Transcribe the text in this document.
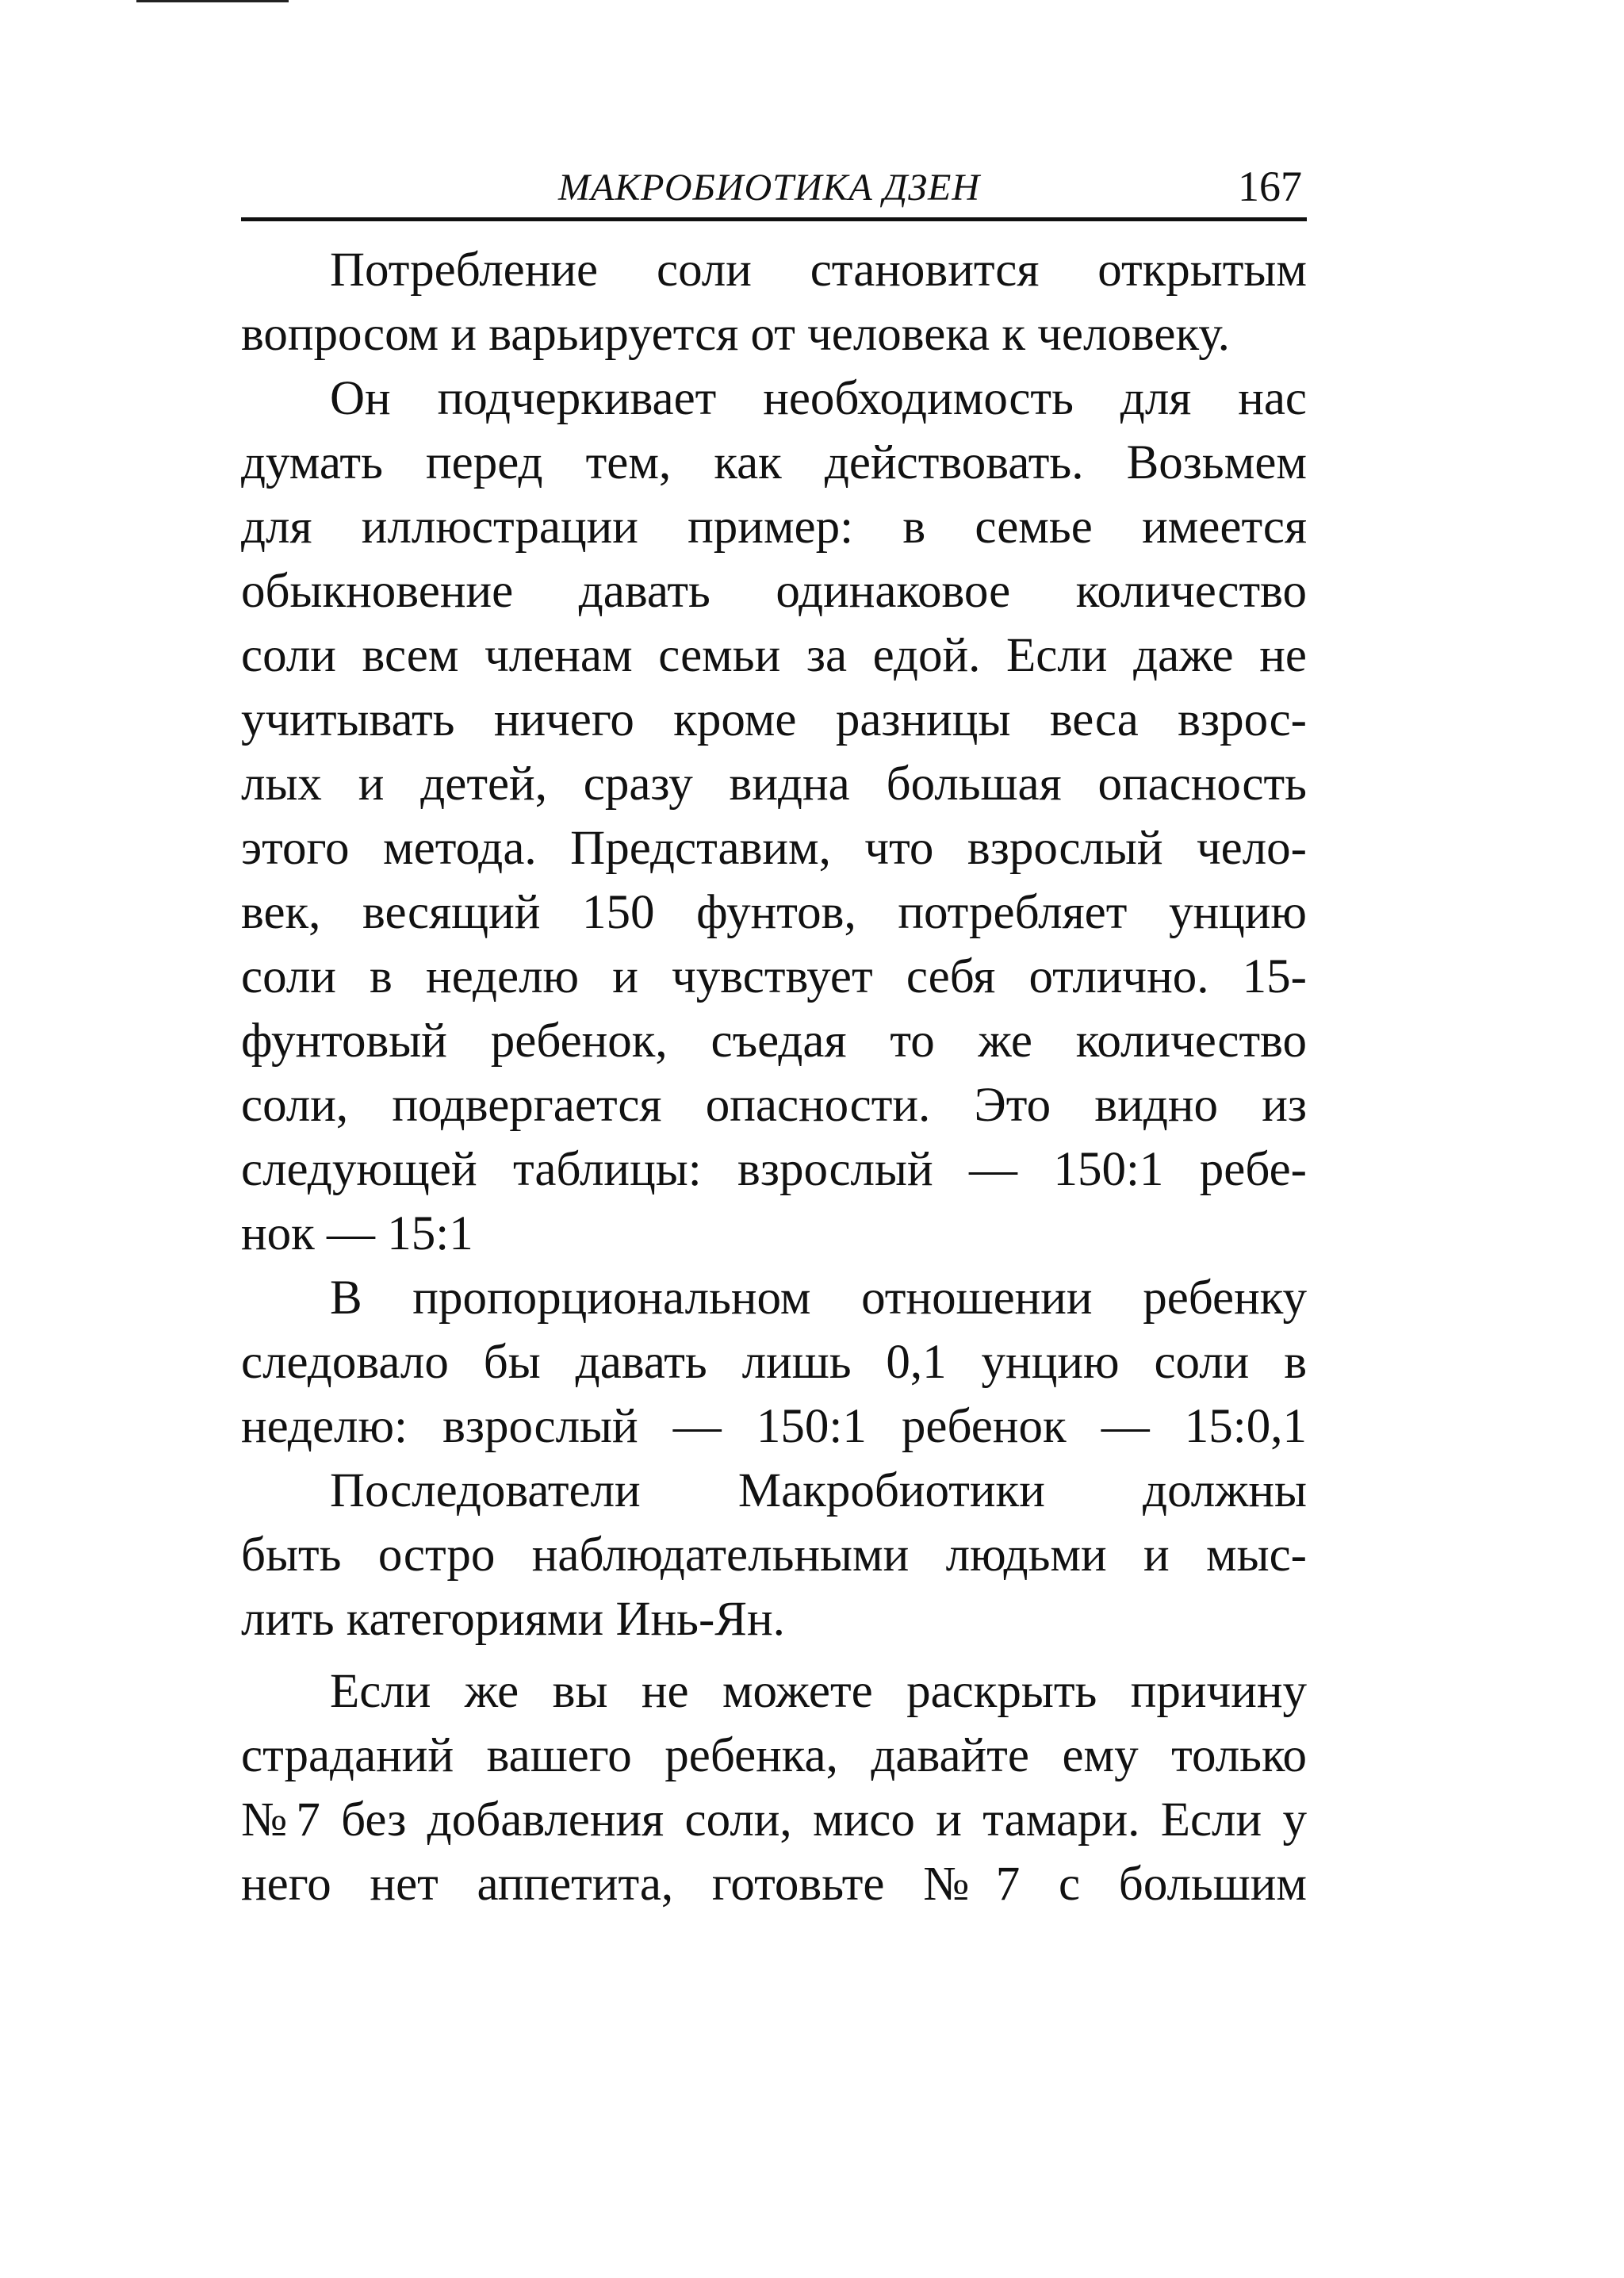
МАКРОБИОТИКА ДЗЕН	167
Потребление соли становится открытым
вопросом и варьируется от человека к человеку.
Он подчеркивает необходимость для нас
думать перед тем, как действовать. Возьмем
для иллюстрации пример: в семье имеется
обыкновение давать одинаковое количество
соли всем членам семьи за едой. Если даже не
учитывать ничего кроме разницы веса взрос-
лых и детей, сразу видна большая опасность
этого метода. Представим, что взрослый чело-
век, весящий 150 фунтов, потребляет унцию
соли в неделю и чувствует себя отлично. 15-
фунтовый ребенок, съедая то же количество
соли, подвергается опасности. Это видно из
следующей таблицы: взрослый — 150:1 ребе-
нок — 15:1
В пропорциональном отношении ребенку
следовало бы давать лишь 0,1 унцию соли в
неделю: взрослый — 150:1 ребенок — 15:0,1
Последователи Макробиотики должны
быть остро наблюдательными людьми и мыс-
лить категориями Инь-Ян.
Если же вы не можете раскрыть причину
страданий вашего ребенка, давайте ему только
№7 без добавления соли, мисо и тамари. Если у
него нет аппетита, готовьте №7 с большим
